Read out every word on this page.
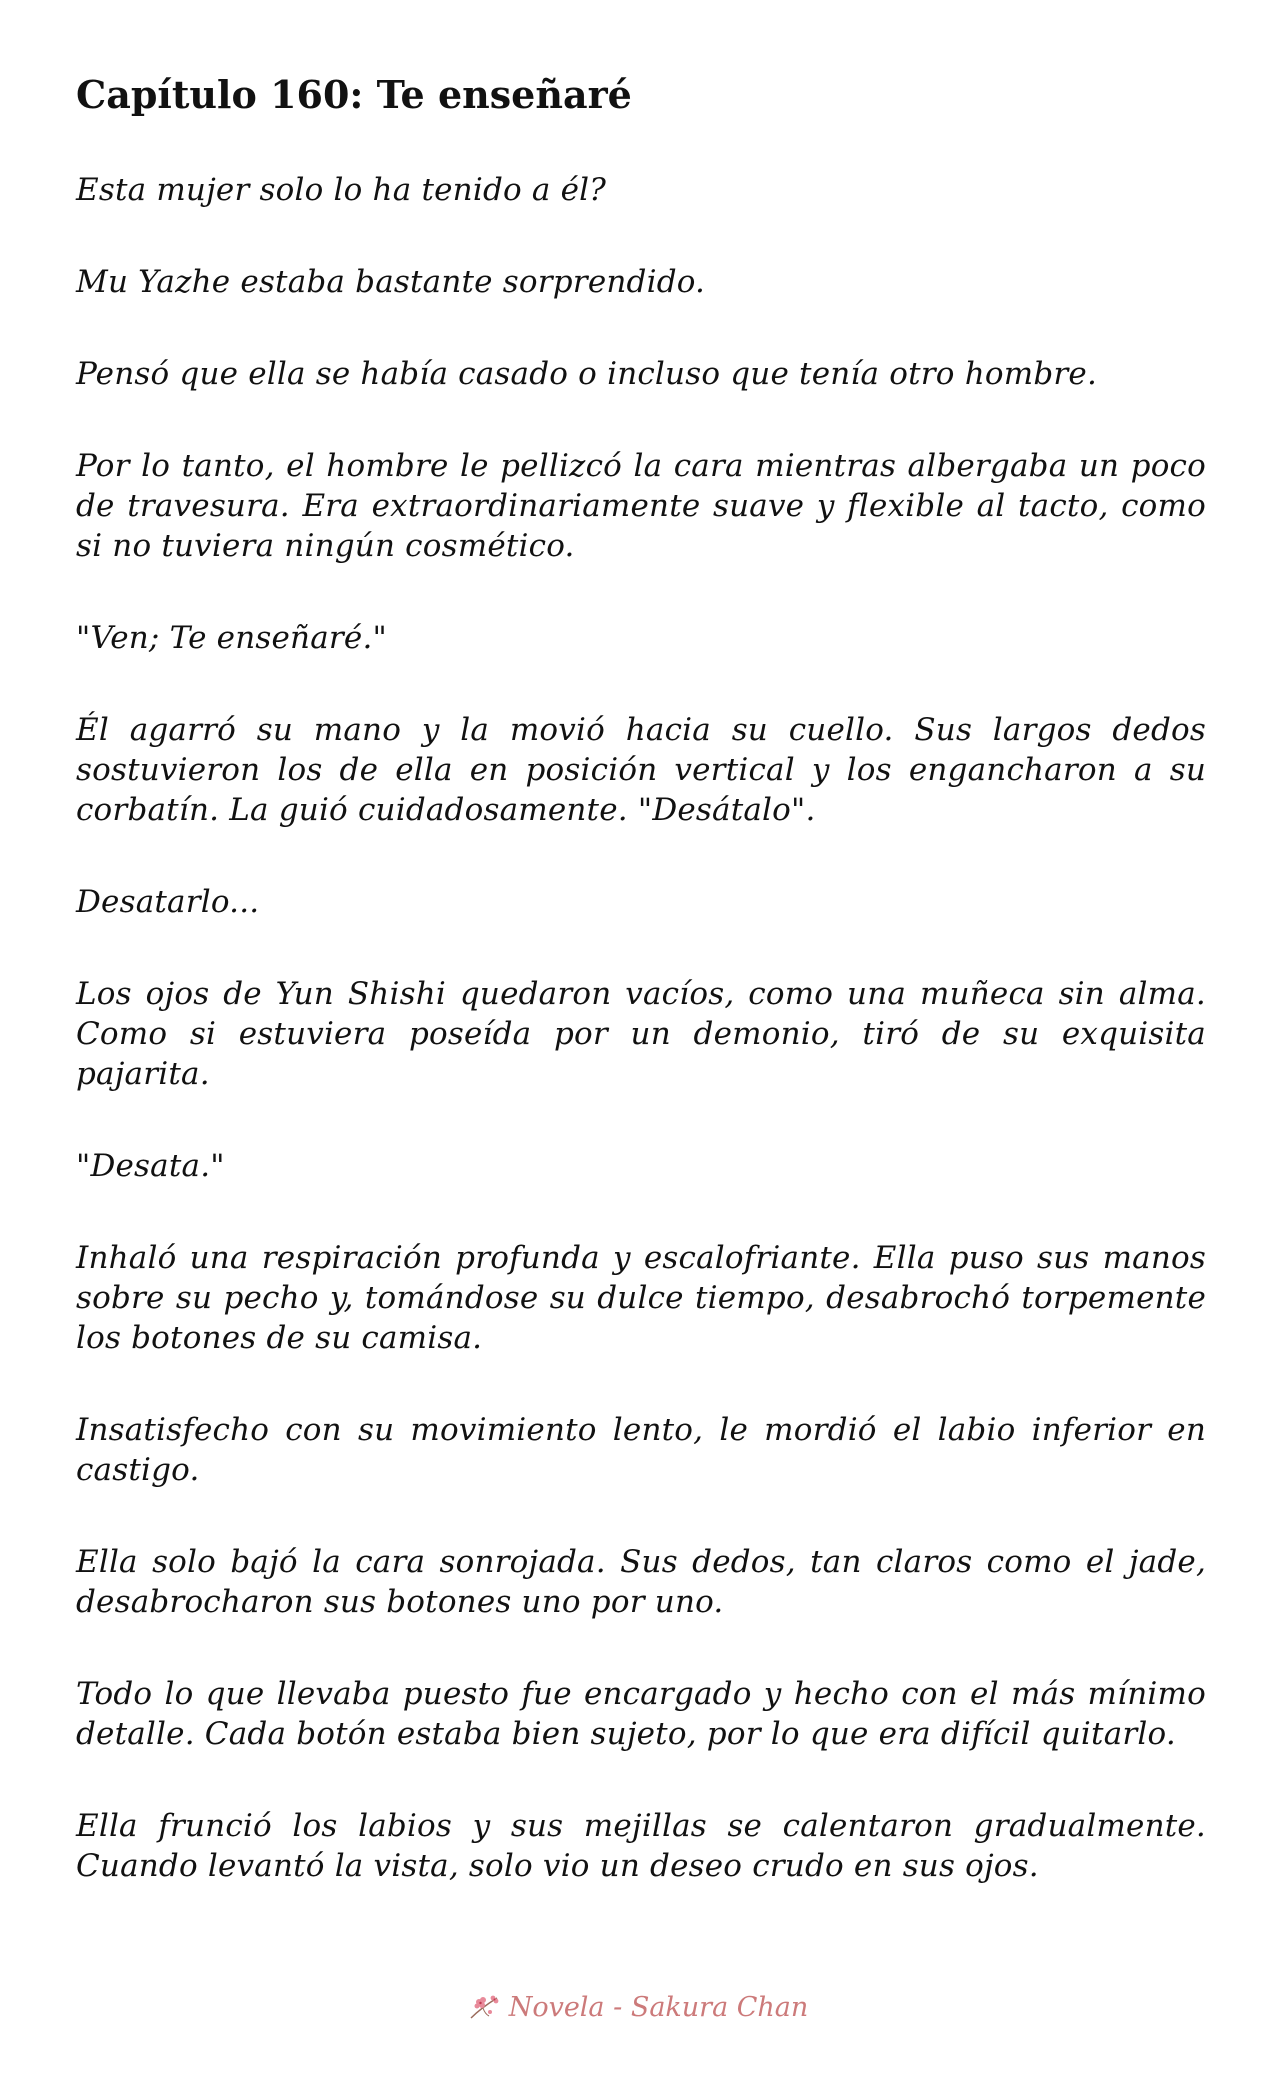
Capítulo 160: Te enseñaré

Esta mujer solo lo ha tenido a él?

Mu Yazhe estaba bastante sorprendido.

Pensó que ella se había casado o incluso que tenía otro hombre.

Por lo tanto, el hombre le pellizcó la cara mientras albergaba un poco de travesura. Era extraordinariamente suave y flexible al tacto, como si no tuviera ningún cosmético.

"Ven; Te enseñaré."

Él agarró su mano y la movió hacia su cuello. Sus largos dedos sostuvieron los de ella en posición vertical y los engancharon a su corbatín. La guió cuidadosamente. "Desátalo".

Desatarlo...

Los ojos de Yun Shishi quedaron vacíos, como una muñeca sin alma. Como si estuviera poseída por un demonio, tiró de su exquisita pajarita.

"Desata."

Inhaló una respiración profunda y escalofriante. Ella puso sus manos sobre su pecho y, tomándose su dulce tiempo, desabrochó torpemente los botones de su camisa.

Insatisfecho con su movimiento lento, le mordió el labio inferior en castigo.

Ella solo bajó la cara sonrojada. Sus dedos, tan claros como el jade, desabrocharon sus botones uno por uno.

Todo lo que llevaba puesto fue encargado y hecho con el más mínimo detalle. Cada botón estaba bien sujeto, por lo que era difícil quitarlo.

Ella frunció los labios y sus mejillas se calentaron gradualmente. Cuando levantó la vista, solo vio un deseo crudo en sus ojos.

Novela - Sakura Chan
